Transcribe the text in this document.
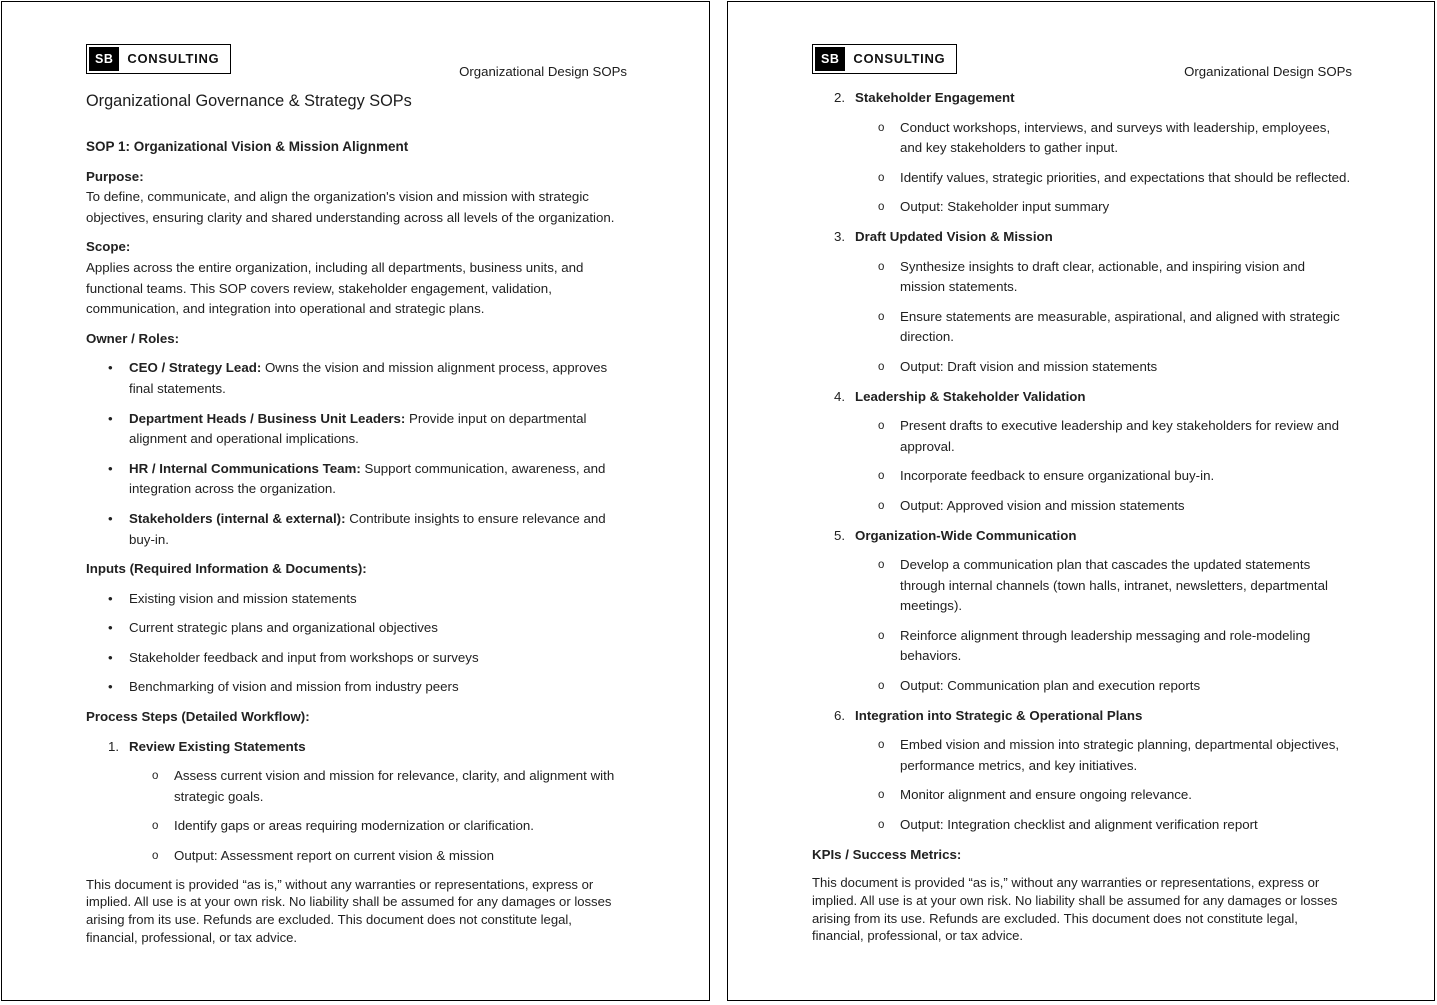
SB	CONSULTING
Organizational Design SOPs
Organizational Governance & Strategy SOPs
SOP 1: Organizational Vision & Mission Alignment
Purpose:
To define, communicate, and align the organization's vision and mission with strategic objectives, ensuring clarity and shared understanding across all levels of the organization.
Scope:
Applies across the entire organization, including all departments, business units, and functional teams. This SOP covers review, stakeholder engagement, validation, communication, and integration into operational and strategic plans.
Owner / Roles:
•	CEO / Strategy Lead: Owns the vision and mission alignment process, approves final statements.
•	Department Heads / Business Unit Leaders: Provide input on departmental alignment and operational implications.
•	HR / Internal Communications Team: Support communication, awareness, and integration across the organization.
•	Stakeholders (internal & external): Contribute insights to ensure relevance and buy-in.
Inputs (Required Information & Documents):
•	Existing vision and mission statements
•	Current strategic plans and organizational objectives
•	Stakeholder feedback and input from workshops or surveys
•	Benchmarking of vision and mission from industry peers
Process Steps (Detailed Workflow):
1. Review Existing Statements
o	Assess current vision and mission for relevance, clarity, and alignment with strategic goals.
o	Identify gaps or areas requiring modernization or clarification.
o	Output: Assessment report on current vision & mission
This document is provided “as is,” without any warranties or representations, express or implied. All use is at your own risk. No liability shall be assumed for any damages or losses arising from its use. Refunds are excluded. This document does not constitute legal, financial, professional, or tax advice.
SB	CONSULTING
Organizational Design SOPs
2. Stakeholder Engagement
o	Conduct workshops, interviews, and surveys with leadership, employees, and key stakeholders to gather input.
o	Identify values, strategic priorities, and expectations that should be reflected.
o	Output: Stakeholder input summary
3. Draft Updated Vision & Mission
o	Synthesize insights to draft clear, actionable, and inspiring vision and mission statements.
o	Ensure statements are measurable, aspirational, and aligned with strategic direction.
o	Output: Draft vision and mission statements
4. Leadership & Stakeholder Validation
o	Present drafts to executive leadership and key stakeholders for review and approval.
o	Incorporate feedback to ensure organizational buy-in.
o	Output: Approved vision and mission statements
5. Organization-Wide Communication
o	Develop a communication plan that cascades the updated statements through internal channels (town halls, intranet, newsletters, departmental meetings).
o	Reinforce alignment through leadership messaging and role-modeling behaviors.
o	Output: Communication plan and execution reports
6. Integration into Strategic & Operational Plans
o	Embed vision and mission into strategic planning, departmental objectives, performance metrics, and key initiatives.
o	Monitor alignment and ensure ongoing relevance.
o	Output: Integration checklist and alignment verification report
KPIs / Success Metrics:
This document is provided “as is,” without any warranties or representations, express or implied. All use is at your own risk. No liability shall be assumed for any damages or losses arising from its use. Refunds are excluded. This document does not constitute legal, financial, professional, or tax advice.
